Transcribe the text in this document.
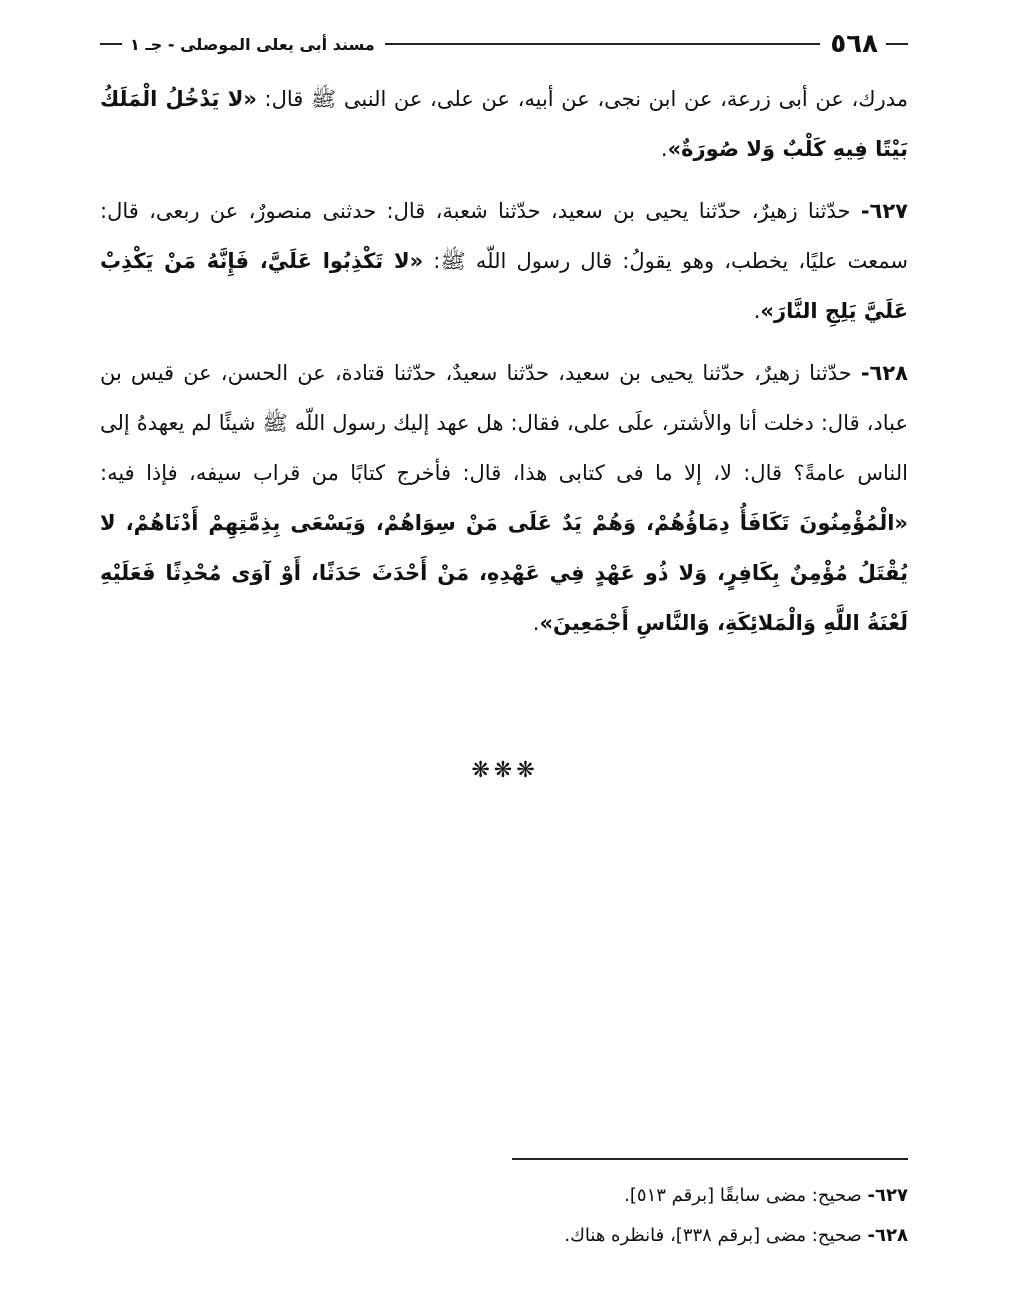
٥٦٨
مسند أبى يعلى الموصلى - جـ ١

مدرك، عن أبى زرعة، عن ابن نجى، عن أبيه، عن على، عن النبى ﷺ قال: «لا يَدْخُلُ الْمَلَكُ بَيْتًا فِيهِ كَلْبٌ وَلا صُورَةٌ».

٦٢٧- حدّثنا زهيرٌ، حدّثنا يحيى بن سعيد، حدّثنا شعبة، قال: حدثنى منصورٌ، عن ربعى، قال: سمعت عليًا، يخطب، وهو يقولُ: قال رسول اللّه ﷺ: «لا تَكْذِبُوا عَلَيَّ، فَإِنَّهُ مَنْ يَكْذِبْ عَلَيَّ يَلِجِ النَّارَ».

٦٢٨- حدّثنا زهيرٌ، حدّثنا يحيى بن سعيد، حدّثنا سعيدٌ، حدّثنا قتادة، عن الحسن، عن قيس بن عباد، قال: دخلت أنا والأشتر، علَى على، فقال: هل عهد إليك رسول اللّه ﷺ شيئًا لم يعهدهُ إلى الناس عامةً؟ قال: لا، إلا ما فى كتابى هذا، قال: فأخرج كتابًا من قراب سيفه، فإذا فيه: «الْمُؤْمِنُونَ تَكَافَأُ دِمَاؤُهُمْ، وَهُمْ يَدٌ عَلَى مَنْ سِوَاهُمْ، وَيَسْعَى بِذِمَّتِهِمْ أَدْنَاهُمْ، لا يُقْتَلُ مُؤْمِنٌ بِكَافِرٍ، وَلا ذُو عَهْدٍ فِي عَهْدِهِ، مَنْ أَحْدَثَ حَدَثًا، أَوْ آوَى مُحْدِثًا فَعَلَيْهِ لَعْنَةُ اللَّهِ وَالْمَلائِكَةِ، وَالنَّاسِ أَجْمَعِينَ».

❋❋❋
٦٢٧- صحيح: مضى سابقًا [برقم ٥١٣].
٦٢٨- صحيح: مضى [برقم ٣٣٨]، فانظره هناك.
